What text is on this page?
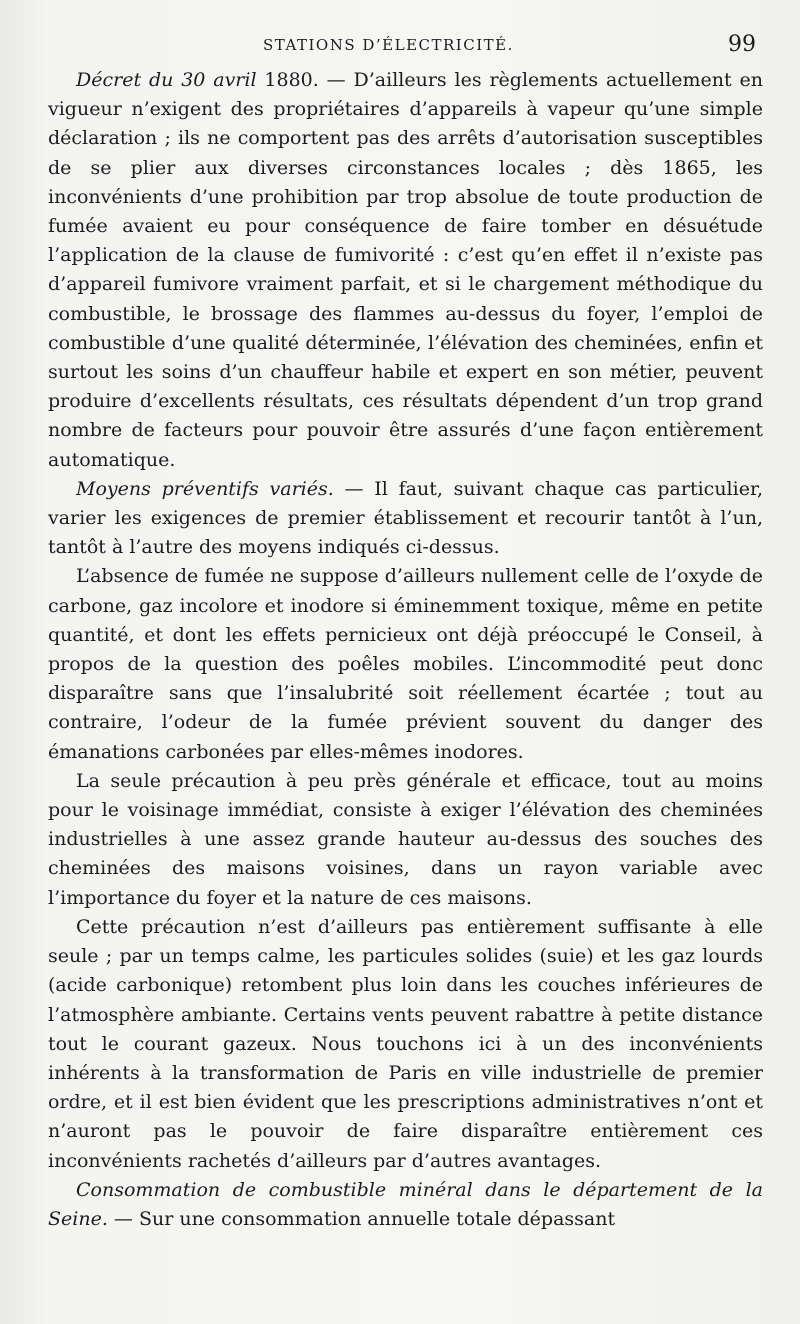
STATIONS D’ÉLECTRICITÉ.	99

Décret du 30 avril 1880. — D’ailleurs les règlements actuellement en vigueur n’exigent des propriétaires d’appareils à vapeur qu’une simple déclaration ; ils ne comportent pas des arrêts d’autorisation susceptibles de se plier aux diverses circonstances locales ; dès 1865, les inconvénients d’une prohibition par trop absolue de toute production de fumée avaient eu pour conséquence de faire tomber en désuétude l’application de la clause de fumivorité : c’est qu’en effet il n’existe pas d’appareil fumivore vraiment parfait, et si le chargement méthodique du combustible, le brossage des flammes au-dessus du foyer, l’emploi de combustible d’une qualité déterminée, l’élévation des cheminées, enfin et surtout les soins d’un chauffeur habile et expert en son métier, peuvent produire d’excellents résultats, ces résultats dépendent d’un trop grand nombre de facteurs pour pouvoir être assurés d’une façon entièrement automatique.

Moyens préventifs variés. — Il faut, suivant chaque cas particulier, varier les exigences de premier établissement et recourir tantôt à l’un, tantôt à l’autre des moyens indiqués ci-dessus.

L’absence de fumée ne suppose d’ailleurs nullement celle de l’oxyde de carbone, gaz incolore et inodore si éminemment toxique, même en petite quantité, et dont les effets pernicieux ont déjà préoccupé le Conseil, à propos de la question des poêles mobiles. L’incommodité peut donc disparaître sans que l’insalubrité soit réellement écartée ; tout au contraire, l’odeur de la fumée prévient souvent du danger des émanations carbonées par elles-mêmes inodores.

La seule précaution à peu près générale et efficace, tout au moins pour le voisinage immédiat, consiste à exiger l’élévation des cheminées industrielles à une assez grande hauteur au-dessus des souches des cheminées des maisons voisines, dans un rayon variable avec l’importance du foyer et la nature de ces maisons.

Cette précaution n’est d’ailleurs pas entièrement suffisante à elle seule ; par un temps calme, les particules solides (suie) et les gaz lourds (acide carbonique) retombent plus loin dans les couches inférieures de l’atmosphère ambiante. Certains vents peuvent rabattre à petite distance tout le courant gazeux. Nous touchons ici à un des inconvénients inhérents à la transformation de Paris en ville industrielle de premier ordre, et il est bien évident que les prescriptions administratives n’ont et n’auront pas le pouvoir de faire disparaître entièrement ces inconvénients rachetés d’ailleurs par d’autres avantages.

Consommation de combustible minéral dans le département de la Seine. — Sur une consommation annuelle totale dépassant
